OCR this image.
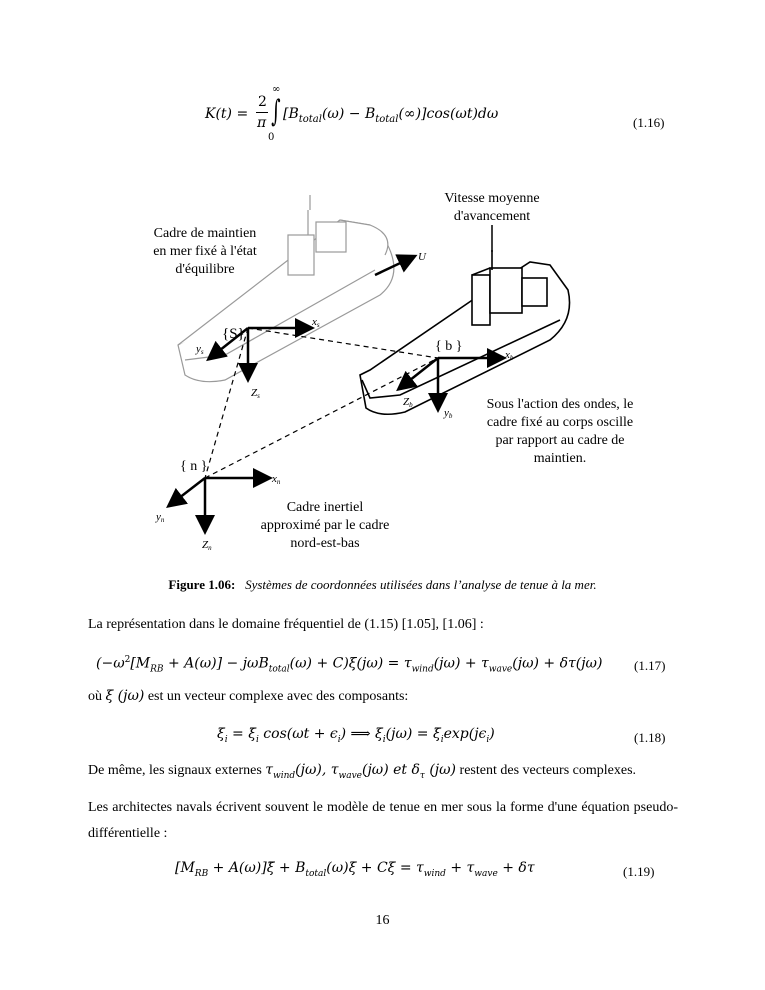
K(t) =
2
π
∞
∫
0
$[B_{total}(\omega) - B_{total}(\infty)]\cos(\omega t)d\omega$
(1.16)
Vitesse moyenne
d'avancement
Cadre de maintien
en mer fixé à l'état
d'équilibre
Sous l'action des ondes, le
cadre fixé au corps oscille
par rapport au cadre de
maintien.
Cadre inertiel
approximé par le cadre
nord-est-bas
{S}
{ b }
{ n }
U
xs
ys
Zs
xb
yb
Zb
xn
yn
Zn
Figure 1.06: Systèmes de coordonnées utilisées dans l’analyse de tenue à la mer.
La représentation dans le domaine fréquentiel de (1.15) [1.05], [1.06] :
$(-\omega^2[M_{RB} + A(\omega)] - j\omega B_{total}(\omega) + C)\xi(j\omega) = \tau_{wind}(j\omega) + \tau_{wave}(j\omega) + \delta\tau(j\omega)$ (1.17)
où ξ (jω) est un vecteur complexe avec des composants:
$\xi_i$ = $\xī_i$ $\cos(\omega t + \epsilon_i)$ ⟹ $\xi_i(j\omega)$ = $\xī_i\exp(j\epsilon_i)$	(1.18)
De même, les signaux externes $\tau_{wind}(j\omega)$, $\tau_{wave}(j\omega)$ et $\delta_\tau$ (jω) restent des vecteurs complexes.
Les architectes navals écrivent souvent le modèle de tenue en mer sous la forme d'une équation pseudo-différentielle :
[$M_{RB}$ + A(ω)]ξ̈ + $B_{total}(\omega)\xi̇ + C\xi = \tau_{wind} + \tau_{wave} + \delta\tau$	(1.19)
16
